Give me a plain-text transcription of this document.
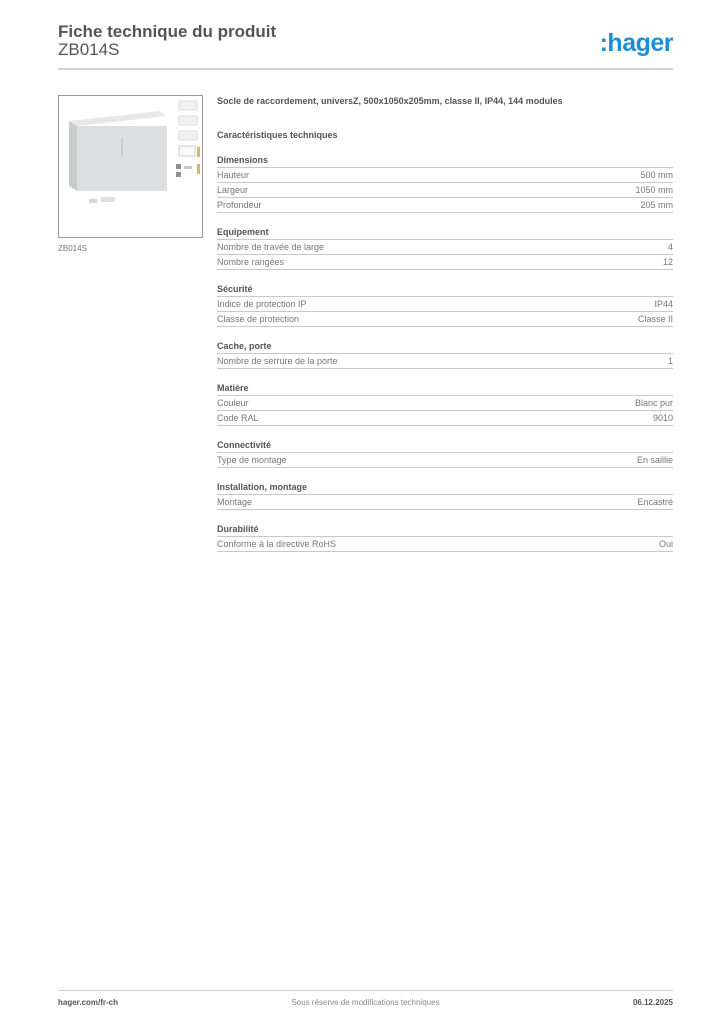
Fiche technique du produit
ZB014S	:hager
ZB014S
Socle de raccordement, universZ, 500x1050x205mm, classe II, IP44, 144 modules
Caractéristiques techniques
Dimensions
Hauteur	500 mm
Largeur	1050 mm
Profondeur	205 mm
Equipement
Nombre de travée de large	4
Nombre rangées	12
Sécurité
Indice de protection IP	IP44
Classe de protection	Classe II
Cache, porte
Nombre de serrure de la porte	1
Matière
Couleur	Blanc pur
Code RAL	9010
Connectivité
Type de montage	En saillie
Installation, montage
Montage	Encastré
Durabilité
Conforme à la directive RoHS	Oui
hager.com/fr-ch	Sous réserve de modifications techniques	06.12.2025
